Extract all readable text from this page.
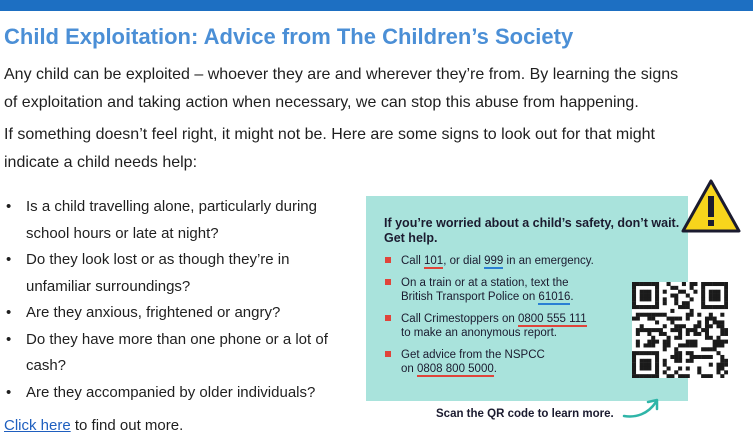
Child Exploitation: Advice from The Children’s Society
Any child can be exploited – whoever they are and wherever they’re from. By learning the signs
of exploitation and taking action when necessary, we can stop this abuse from happening.
If something doesn’t feel right, it might not be. Here are some signs to look out for that might
indicate a child needs help:
• Is a child travelling alone, particularly during
school hours or late at night?
• Do they look lost or as though they’re in
unfamiliar surroundings?
• Are they anxious, frightened or angry?
• Do they have more than one phone or a lot of
cash?
• Are they accompanied by older individuals?
Click here to find out more.
If you’re worried about a child’s safety, don’t wait.
Get help.
Call 101, or dial 999 in an emergency.
On a train or at a station, text the
British Transport Police on 61016.
Call Crimestoppers on 0800 555 111
to make an anonymous report.
Get advice from the NSPCC
on 0808 800 5000.
Scan the QR code to learn more.
